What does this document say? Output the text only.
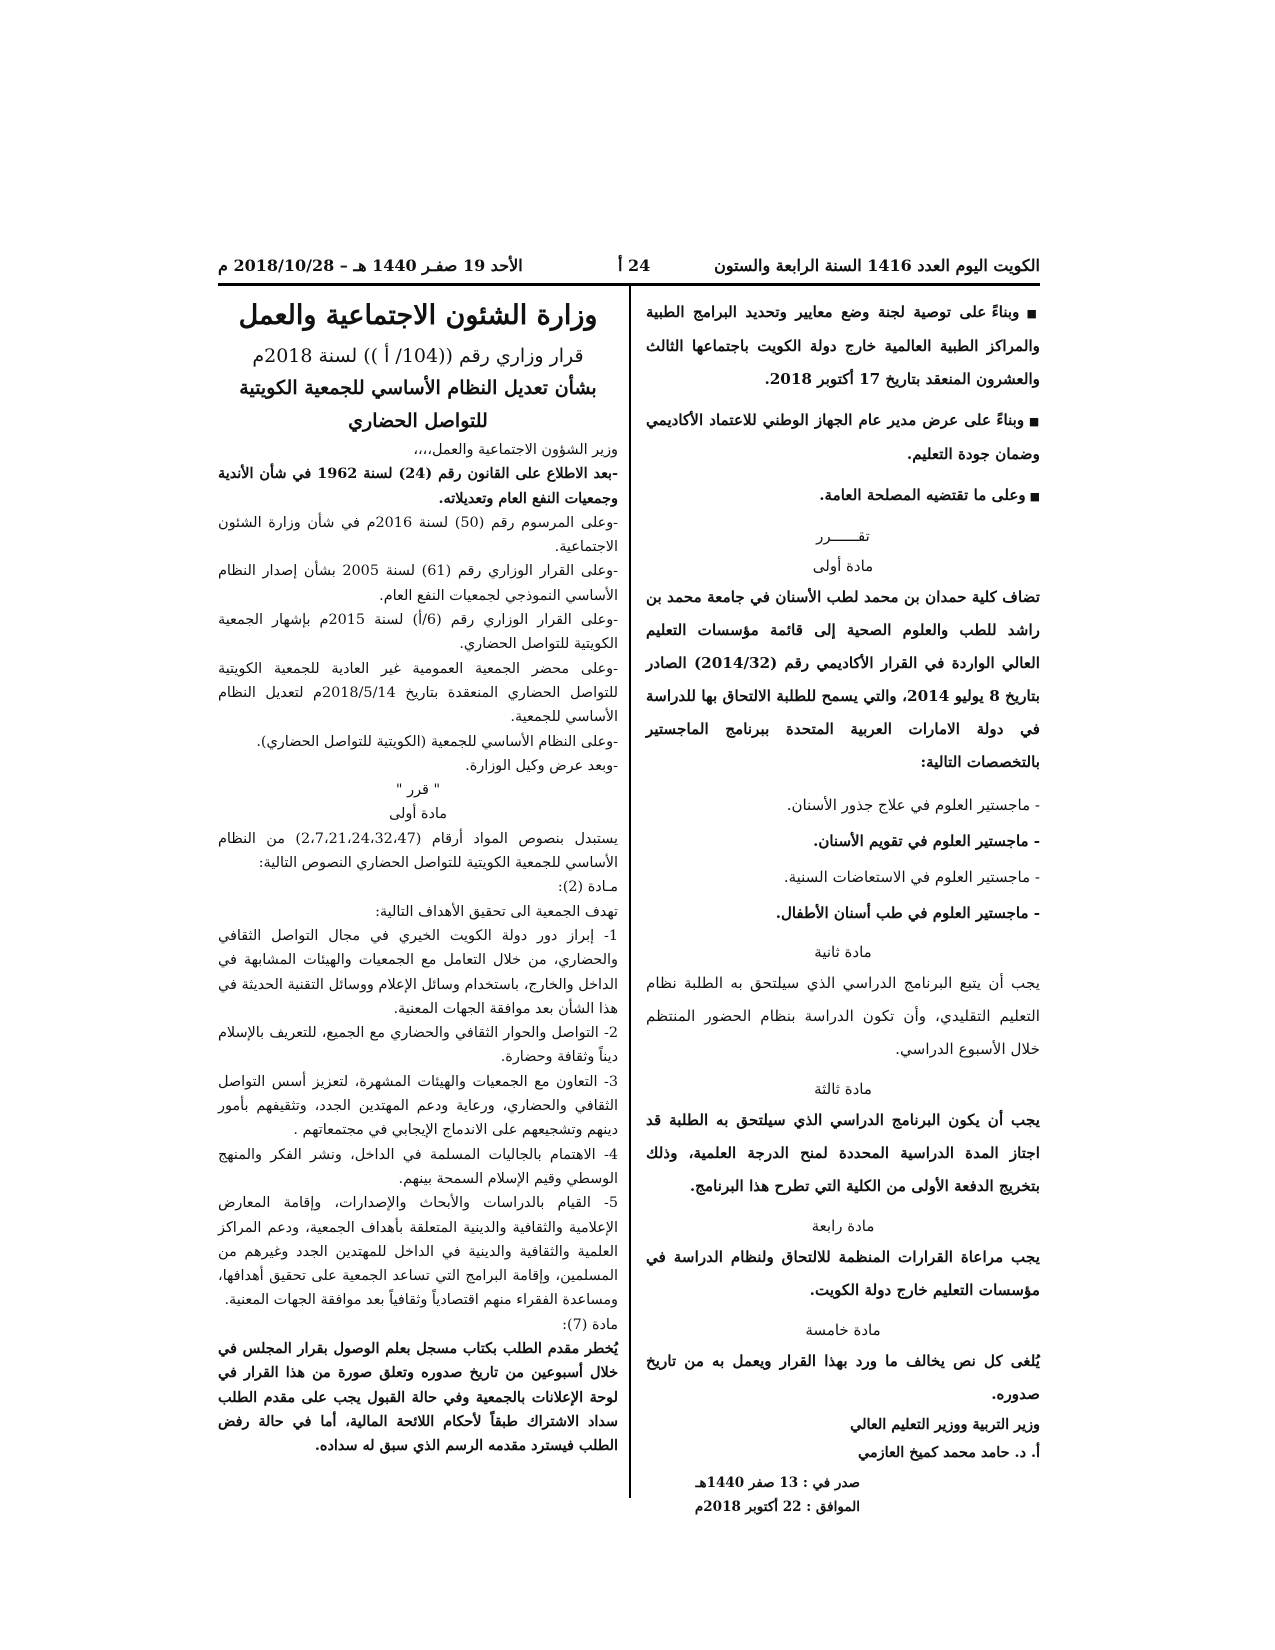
الكويت اليوم العدد 1416 السنة الرابعة والستون
24 أ
الأحد 19 صفـر 1440 هـ – 2018/10/28 م

■ وبناءً على توصية لجنة وضع معايير وتحديد البرامج الطبية والمراكز الطبية العالمية خارج دولة الكويت باجتماعها الثالث والعشرون المنعقد بتاريخ 17 أكتوبر 2018.

■ وبناءً على عرض مدير عام الجهاز الوطني للاعتماد الأكاديمي وضمان جودة التعليم.

■ وعلى ما تقتضيه المصلحة العامة.

تقــــــرر

مادة أولى

تضاف كلية حمدان بن محمد لطب الأسنان في جامعة محمد بن راشد للطب والعلوم الصحية إلى قائمة مؤسسات التعليم العالي الواردة في القرار الأكاديمي رقم (2014/32) الصادر بتاريخ 8 يوليو 2014، والتي يسمح للطلبة الالتحاق بها للدراسة في دولة الامارات العربية المتحدة ببرنامج الماجستير بالتخصصات التالية:

- ماجستير العلوم في علاج جذور الأسنان.

- ماجستير العلوم في تقويم الأسنان.

- ماجستير العلوم في الاستعاضات السنية.

- ماجستير العلوم في طب أسنان الأطفال.

مادة ثانية

يجب أن يتبع البرنامج الدراسي الذي سيلتحق به الطلبة نظام التعليم التقليدي، وأن تكون الدراسة بنظام الحضور المنتظم خلال الأسبوع الدراسي.

مادة ثالثة

يجب أن يكون البرنامج الدراسي الذي سيلتحق به الطلبة قد اجتاز المدة الدراسية المحددة لمنح الدرجة العلمية، وذلك بتخريج الدفعة الأولى من الكلية التي تطرح هذا البرنامج.

مادة رابعة

يجب مراعاة القرارات المنظمة للالتحاق ولنظام الدراسة في مؤسسات التعليم خارج دولة الكويت.

مادة خامسة

يُلغى كل نص يخالف ما ورد بهذا القرار ويعمل به من تاريخ صدوره.

وزير التربية ووزير التعليم العالي

أ. د. حامد محمد كميخ العازمي

صدر في : 13 صفر 1440هـ

الموافق : 22 أكتوبر 2018م

وزارة الشئون الاجتماعية والعمل

قرار وزاري رقم ((104/ أ )) لسنة 2018م

بشأن تعديل النظام الأساسي للجمعية الكويتية

للتواصل الحضاري

وزير الشؤون الاجتماعية والعمل،،،،

-بعد الاطلاع على القانون رقم (24) لسنة 1962 في شأن الأندية وجمعيات النفع العام وتعديلاته.

-وعلى المرسوم رقم (50) لسنة 2016م في شأن وزارة الشئون الاجتماعية.

-وعلى القرار الوزاري رقم (61) لسنة 2005 بشأن إصدار النظام الأساسي النموذجي لجمعيات النفع العام.

-وعلى القرار الوزاري رقم (6/أ) لسنة 2015م بإشهار الجمعية الكويتية للتواصل الحضاري.

-وعلى محضر الجمعية العمومية غير العادية للجمعية الكويتية للتواصل الحضاري المنعقدة بتاريخ 2018/5/14م لتعديل النظام الأساسي للجمعية.

-وعلى النظام الأساسي للجمعية (الكويتية للتواصل الحضاري).

-وبعد عرض وكيل الوزارة.

" قرر "

مادة أولى

يستبدل بنصوص المواد أرقام (2،7،21،24،32،47) من النظام الأساسي للجمعية الكويتية للتواصل الحضاري النصوص التالية:

مـادة (2):

تهدف الجمعية الى تحقيق الأهداف التالية:

1- إبراز دور دولة الكويت الخيري في مجال التواصل الثقافي والحضاري، من خلال التعامل مع الجمعيات والهيئات المشابهة في الداخل والخارج، باستخدام وسائل الإعلام ووسائل التقنية الحديثة في هذا الشأن بعد موافقة الجهات المعنية.

2- التواصل والحوار الثقافي والحضاري مع الجميع، للتعريف بالإسلام ديناً وثقافة وحضارة.

3- التعاون مع الجمعيات والهيئات المشهرة، لتعزيز أسس التواصل الثقافي والحضاري، ورعاية ودعم المهتدين الجدد، وتثقيفهم بأمور دينهم وتشجيعهم على الاندماج الإيجابي في مجتمعاتهم .

4- الاهتمام بالجاليات المسلمة في الداخل، ونشر الفكر والمنهج الوسطي وقيم الإسلام السمحة بينهم.

5- القيام بالدراسات والأبحاث والإصدارات، وإقامة المعارض الإعلامية والثقافية والدينية المتعلقة بأهداف الجمعية، ودعم المراكز العلمية والثقافية والدينية في الداخل للمهتدين الجدد وغيرهم من المسلمين، وإقامة البرامج التي تساعد الجمعية على تحقيق أهدافها، ومساعدة الفقراء منهم اقتصادياً وثقافياً بعد موافقة الجهات المعنية.

مادة (7):

يُخطر مقدم الطلب بكتاب مسجل بعلم الوصول بقرار المجلس في خلال أسبوعين من تاريخ صدوره وتعلق صورة من هذا القرار في لوحة الإعلانات بالجمعية وفي حالة القبول يجب على مقدم الطلب سداد الاشتراك طبقاً لأحكام اللائحة المالية، أما في حالة رفض الطلب فيسترد مقدمه الرسم الذي سبق له سداده.
